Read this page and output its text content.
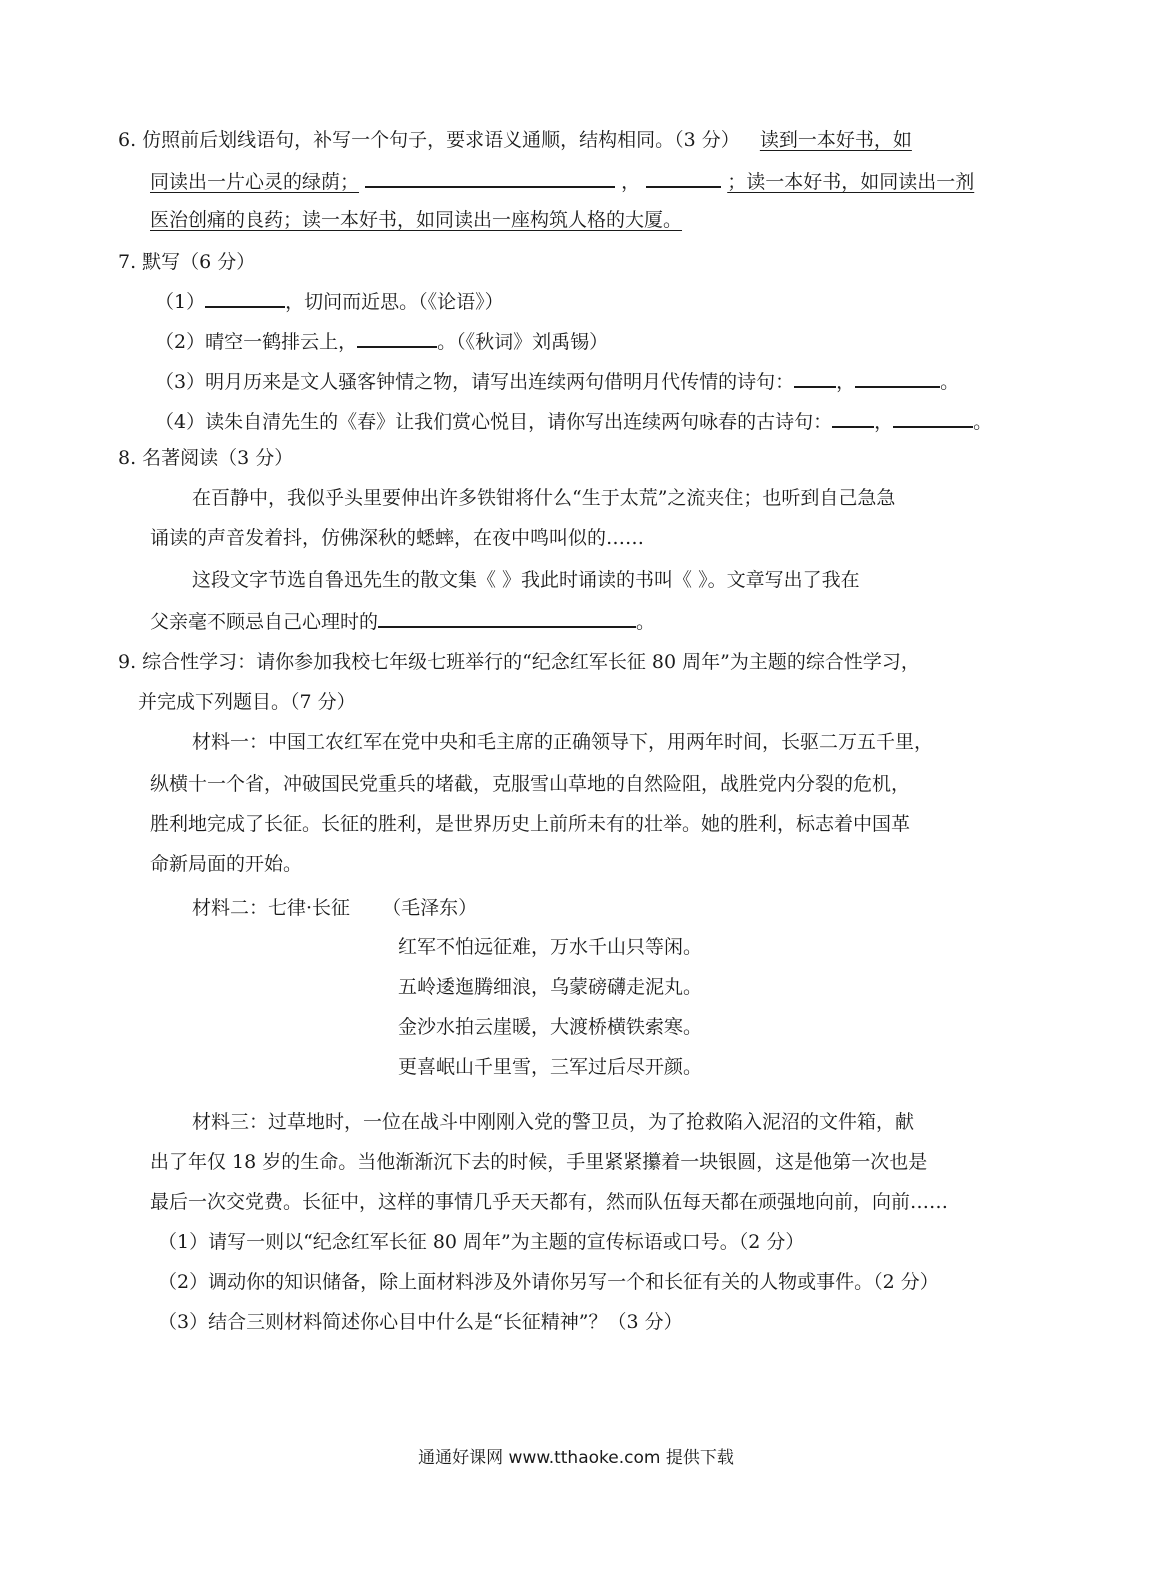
6. 仿照前后划线语句，补写一个句子，要求语义通顺，结构相同。（3 分） 读到一本好书，如
同读出一片心灵的绿荫；	，	；读一本好书，如同读出一剂
医治创痛的良药；读一本好书，如同读出一座构筑人格的大厦。
7. 默写（6 分）
（1）	，切问而近思。（《论语》）
（2）晴空一鹤排云上，	。（《秋词》刘禹锡）
（3）明月历来是文人骚客钟情之物，请写出连续两句借明月代传情的诗句： ，	。
（4）读朱自清先生的《春》让我们赏心悦目，请你写出连续两句咏春的古诗句： ，	。
8. 名著阅读（3 分）
在百静中，我似乎头里要伸出许多铁钳将什么“生于太荒”之流夹住；也听到自己急急
诵读的声音发着抖，仿佛深秋的蟋蟀，在夜中鸣叫似的……
这段文字节选自鲁迅先生的散文集《 》我此时诵读的书叫《 》。文章写出了我在
父亲毫不顾忌自己心理时的	。
9. 综合性学习：请你参加我校七年级七班举行的“纪念红军长征 80 周年”为主题的综合性学习，
并完成下列题目。（7 分）
材料一：中国工农红军在党中央和毛主席的正确领导下，用两年时间，长驱二万五千里，
纵横十一个省，冲破国民党重兵的堵截，克服雪山草地的自然险阻，战胜党内分裂的危机，
胜利地完成了长征。长征的胜利，是世界历史上前所未有的壮举。她的胜利，标志着中国革
命新局面的开始。
材料二：七律·长征 （毛泽东）
红军不怕远征难，万水千山只等闲。
五岭逶迤腾细浪，乌蒙磅礴走泥丸。
金沙水拍云崖暖，大渡桥横铁索寒。
更喜岷山千里雪，三军过后尽开颜。
材料三：过草地时，一位在战斗中刚刚入党的警卫员，为了抢救陷入泥沼的文件箱，献
出了年仅 18 岁的生命。当他渐渐沉下去的时候，手里紧紧攥着一块银圆，这是他第一次也是
最后一次交党费。长征中，这样的事情几乎天天都有，然而队伍每天都在顽强地向前，向前……
（1）请写一则以“纪念红军长征 80 周年”为主题的宣传标语或口号。（2 分）
（2）调动你的知识储备，除上面材料涉及外请你另写一个和长征有关的人物或事件。（2 分）
（3）结合三则材料简述你心目中什么是“长征精神”？（3 分）
通通好课网 www.tthaoke.com 提供下载
